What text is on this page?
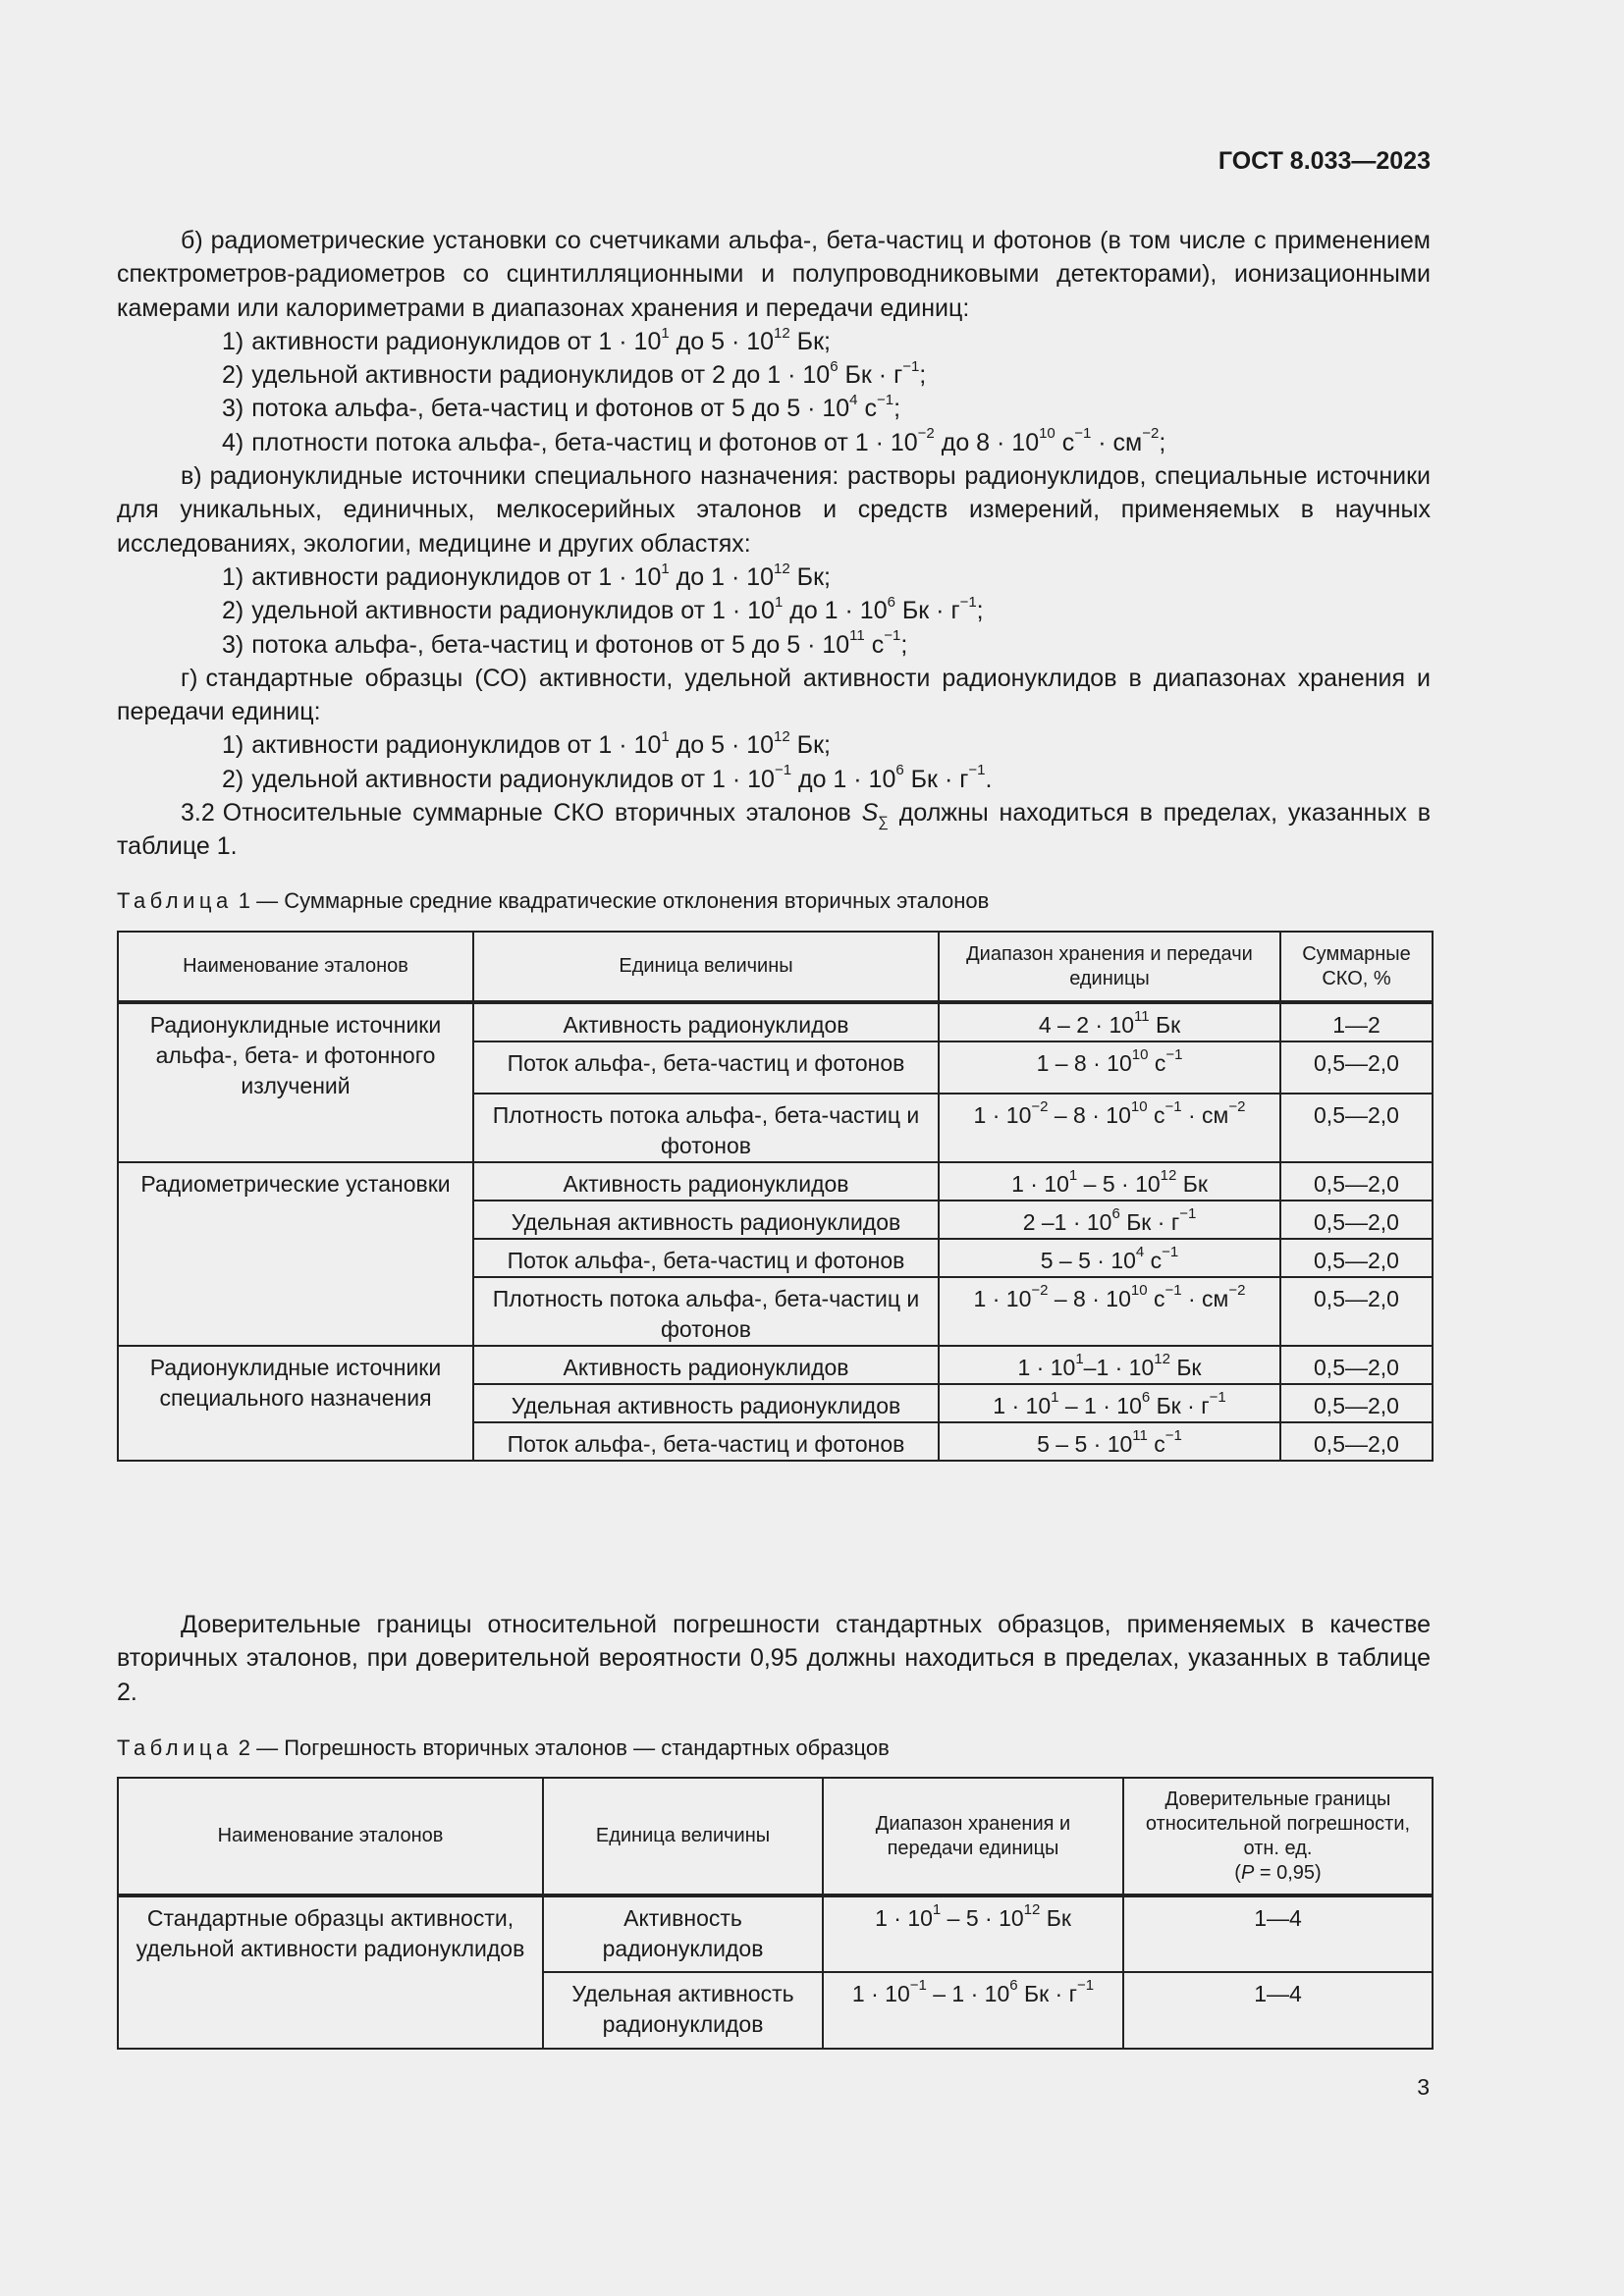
ГОСТ 8.033—2023

б) радиометрические установки со счетчиками альфа-, бета-частиц и фотонов (в том числе с применением спектрометров-радиометров со сцинтилляционными и полупроводниковыми детекторами), ионизационными камерами или калориметрами в диапазонах хранения и передачи единиц:

1) активности радионуклидов от $1 \cdot 10^1$ до $5 \cdot 10^{12}$ Бк;

2) удельной активности радионуклидов от 2 до $1 \cdot 10^6$ Бк · $г^{-1}$;

3) потока альфа-, бета-частиц и фотонов от 5 до $5 \cdot 10^4$ $с^{-1}$;

4) плотности потока альфа-, бета-частиц и фотонов от $1 \cdot 10^{-2}$ до $8 \cdot 10^{10}$ $с^{-1} \cdot см^{-2}$;

в) радионуклидные источники специального назначения: растворы радионуклидов, специальные источники для уникальных, единичных, мелкосерийных эталонов и средств измерений, применяемых в научных исследованиях, экологии, медицине и других областях:

1) активности радионуклидов от $1 \cdot 10^1$ до $1 \cdot 10^{12}$ Бк;

2) удельной активности радионуклидов от $1 \cdot 10^1$ до $1 \cdot 10^6$ Бк · $г^{-1}$;

3) потока альфа-, бета-частиц и фотонов от 5 до $5 \cdot 10^{11}$ $с^{-1}$;

г) стандартные образцы (СО) активности, удельной активности радионуклидов в диапазонах хранения и передачи единиц:

1) активности радионуклидов от $1 \cdot 10^1$ до $5 \cdot 10^{12}$ Бк;

2) удельной активности радионуклидов от $1 \cdot 10^{-1}$ до $1 \cdot 10^6$ Бк · $г^{-1}$.

3.2 Относительные суммарные СКО вторичных эталонов $S_\sum$ должны находиться в пределах, указанных в таблице 1.

Таблица 1 — Суммарные средние квадратические отклонения вторичных эталонов
Наименование эталонов	Единица величины	Диапазон хранения и передачи единицы	Суммарные СКО, %
Радионуклидные источники альфа-, бета- и фотонного излучений	Активность радионуклидов	$4 - 2 \cdot 10^{11}$ Бк	1—2
	Поток альфа-, бета-частиц и фотонов	$1 - 8 \cdot 10^{10}$ $с^{-1}$	0,5—2,0
	Плотность потока альфа-, бета-частиц и фотонов	$1 \cdot 10^{-2} - 8 \cdot 10^{10}$ $с^{-1} \cdot см^{-2}$	0,5—2,0
Радиометрические установки	Активность радионуклидов	$1 \cdot 10^1 - 5 \cdot 10^{12}$ Бк	0,5—2,0
	Удельная активность радионуклидов	2 $-1 \cdot 10^6$ Бк · $г^{-1}$	0,5—2,0
	Поток альфа-, бета-частиц и фотонов	$5 - 5 \cdot 10^4$ $с^{-1}$	0,5—2,0
	Плотность потока альфа-, бета-частиц и фотонов	$1 \cdot 10^{-2} - 8 \cdot 10^{10}$ $с^{-1} \cdot см^{-2}$	0,5—2,0
Радионуклидные источники специального назначения	Активность радионуклидов	$1 \cdot 10^1-1 \cdot 10^{12}$ Бк	0,5—2,0
	Удельная активность радионуклидов	$1 \cdot 10^1 - 1 \cdot 10^6$ Бк · $г^{-1}$	0,5—2,0
	Поток альфа-, бета-частиц и фотонов	$5 - 5 \cdot 10^{11}$ $с^{-1}$	0,5—2,0

Доверительные границы относительной погрешности стандартных образцов, применяемых в качестве вторичных эталонов, при доверительной вероятности 0,95 должны находиться в пределах, указанных в таблице 2.

Таблица 2 — Погрешность вторичных эталонов — стандартных образцов
Наименование эталонов	Единица величины	Диапазон хранения и передачи единицы	Доверительные границы относительной погрешности, отн. ед.
(P = 0,95)
Стандартные образцы активности, удельной активности радионуклидов	Активность радионуклидов	$1 \cdot 10^1 - 5 \cdot 10^{12}$ Бк	1—4
	Удельная активность радионуклидов	$1 \cdot 10^{-1} - 1 \cdot 10^6$ Бк · $г^{-1}$	1—4
3
